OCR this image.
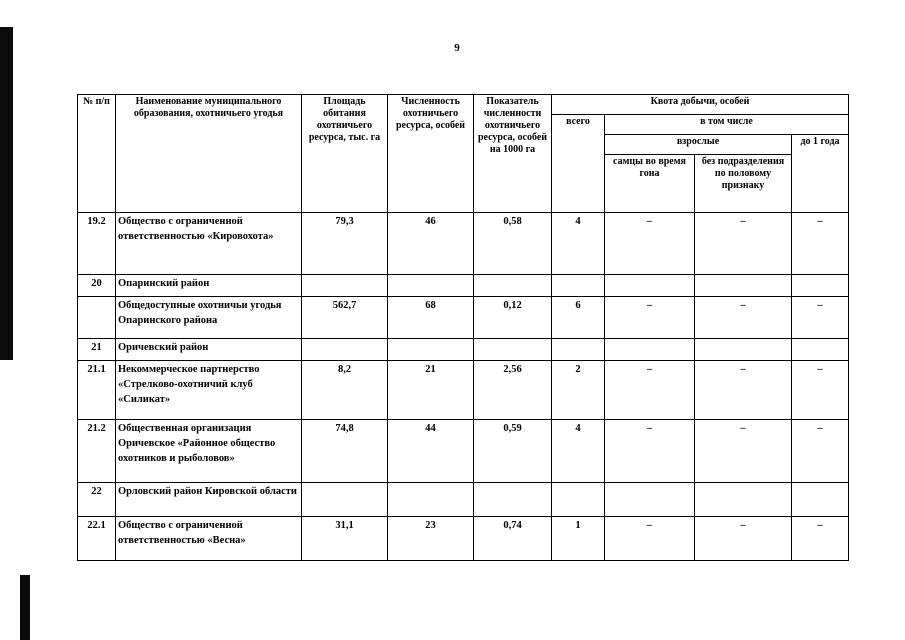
9
№ п/п	Наименование муниципального образования, охотничьего угодья	Площадь обитания охотничьего ресурса, тыс. га	Численность охотничьего ресурса, особей	Показатель численности охотничьего ресурса, особей на 1000 га	Квота добычи, особей			
					всего	в том числе		
						взрослые		до 1 года
						самцы во время гона	без подразделения по половому признаку	
19.2	Общество с ограниченной ответственностью «Кировохота»	79,3	46	0,58	4	–	–	–
20	Опаринский район							
	Общедоступные охотничьи угодья Опаринского района	562,7	68	0,12	6	–	–	–
21	Оричевский район							
21.1	Некоммерческое партнерство «Стрелково-охотничий клуб «Силикат»	8,2	21	2,56	2	–	–	–
21.2	Общественная организация Оричевское «Районное общество охотников и рыболовов»	74,8	44	0,59	4	–	–	–
22	Орловский район Кировской области							
22.1	Общество с ограниченной ответственностью «Весна»	31,1	23	0,74	1	–	–	–
